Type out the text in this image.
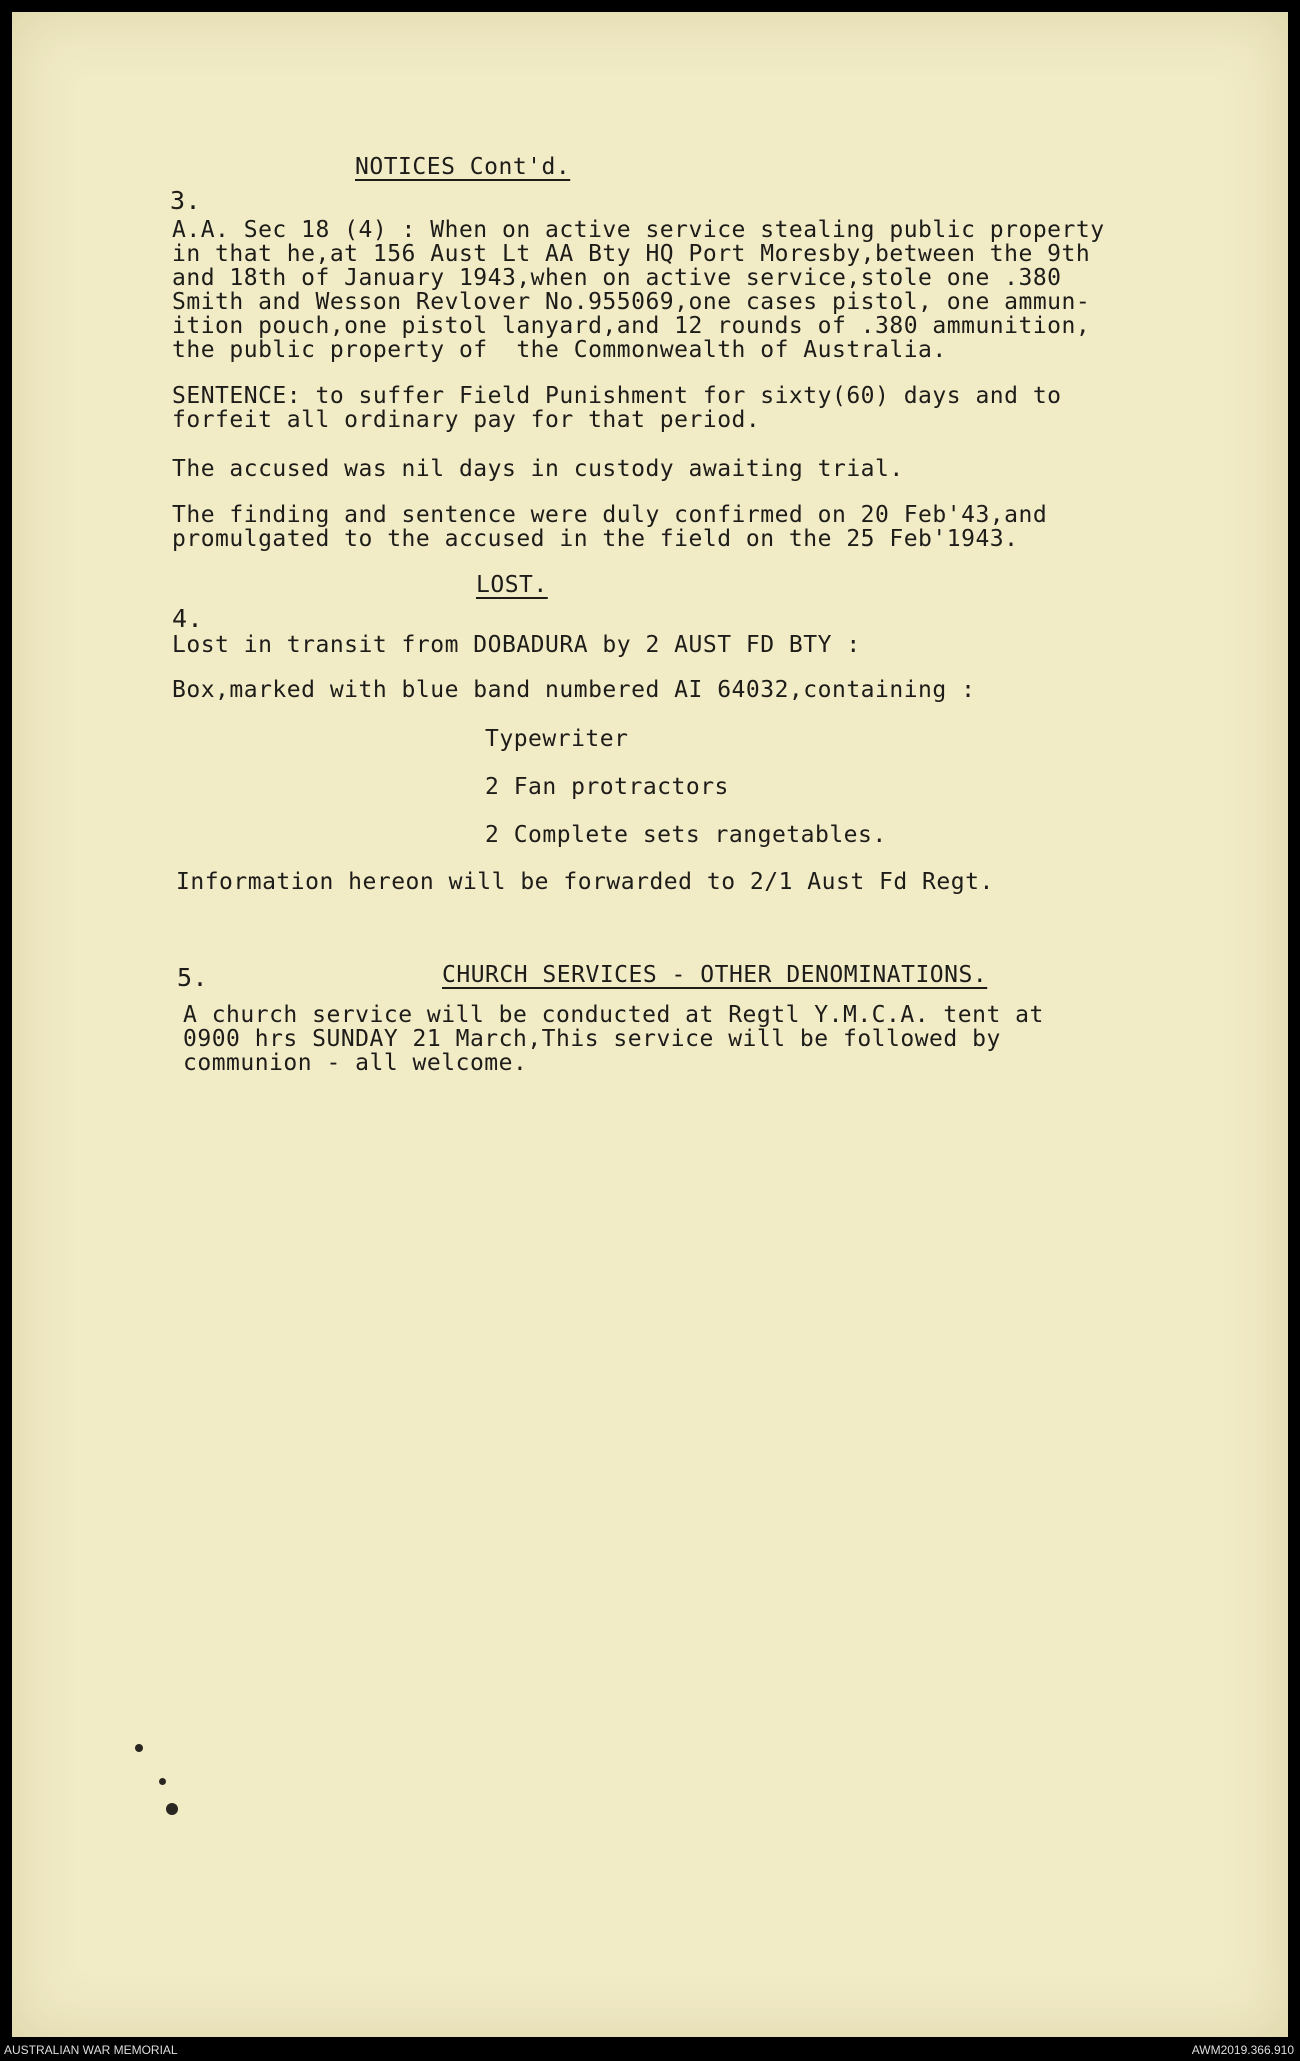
NOTICES Cont'd.
3.
A.A. Sec 18 (4) : When on active service stealing public property
in that he,at 156 Aust Lt AA Bty HQ Port Moresby,between the 9th
and 18th of January 1943,when on active service,stole one .380
Smith and Wesson Revlover No.955069,one cases pistol, one ammun-
ition pouch,one pistol lanyard,and 12 rounds of .380 ammunition,
the public property of  the Commonwealth of Australia.
SENTENCE: to suffer Field Punishment for sixty(60) days and to
forfeit all ordinary pay for that period.
The accused was nil days in custody awaiting trial.
The finding and sentence were duly confirmed on 20 Feb'43,and
promulgated to the accused in the field on the 25 Feb'1943.
LOST.
4.
Lost in transit from DOBADURA by 2 AUST FD BTY :
Box,marked with blue band numbered AI 64032,containing :
Typewriter
2 Fan protractors
2 Complete sets rangetables.
Information hereon will be forwarded to 2/1 Aust Fd Regt.
5.	CHURCH SERVICES - OTHER DENOMINATIONS.
A church service will be conducted at Regtl Y.M.C.A. tent at
0900 hrs SUNDAY 21 March,This service will be followed by
communion - all welcome.
AUSTRALIAN WAR MEMORIAL	AWM2019.366.910
